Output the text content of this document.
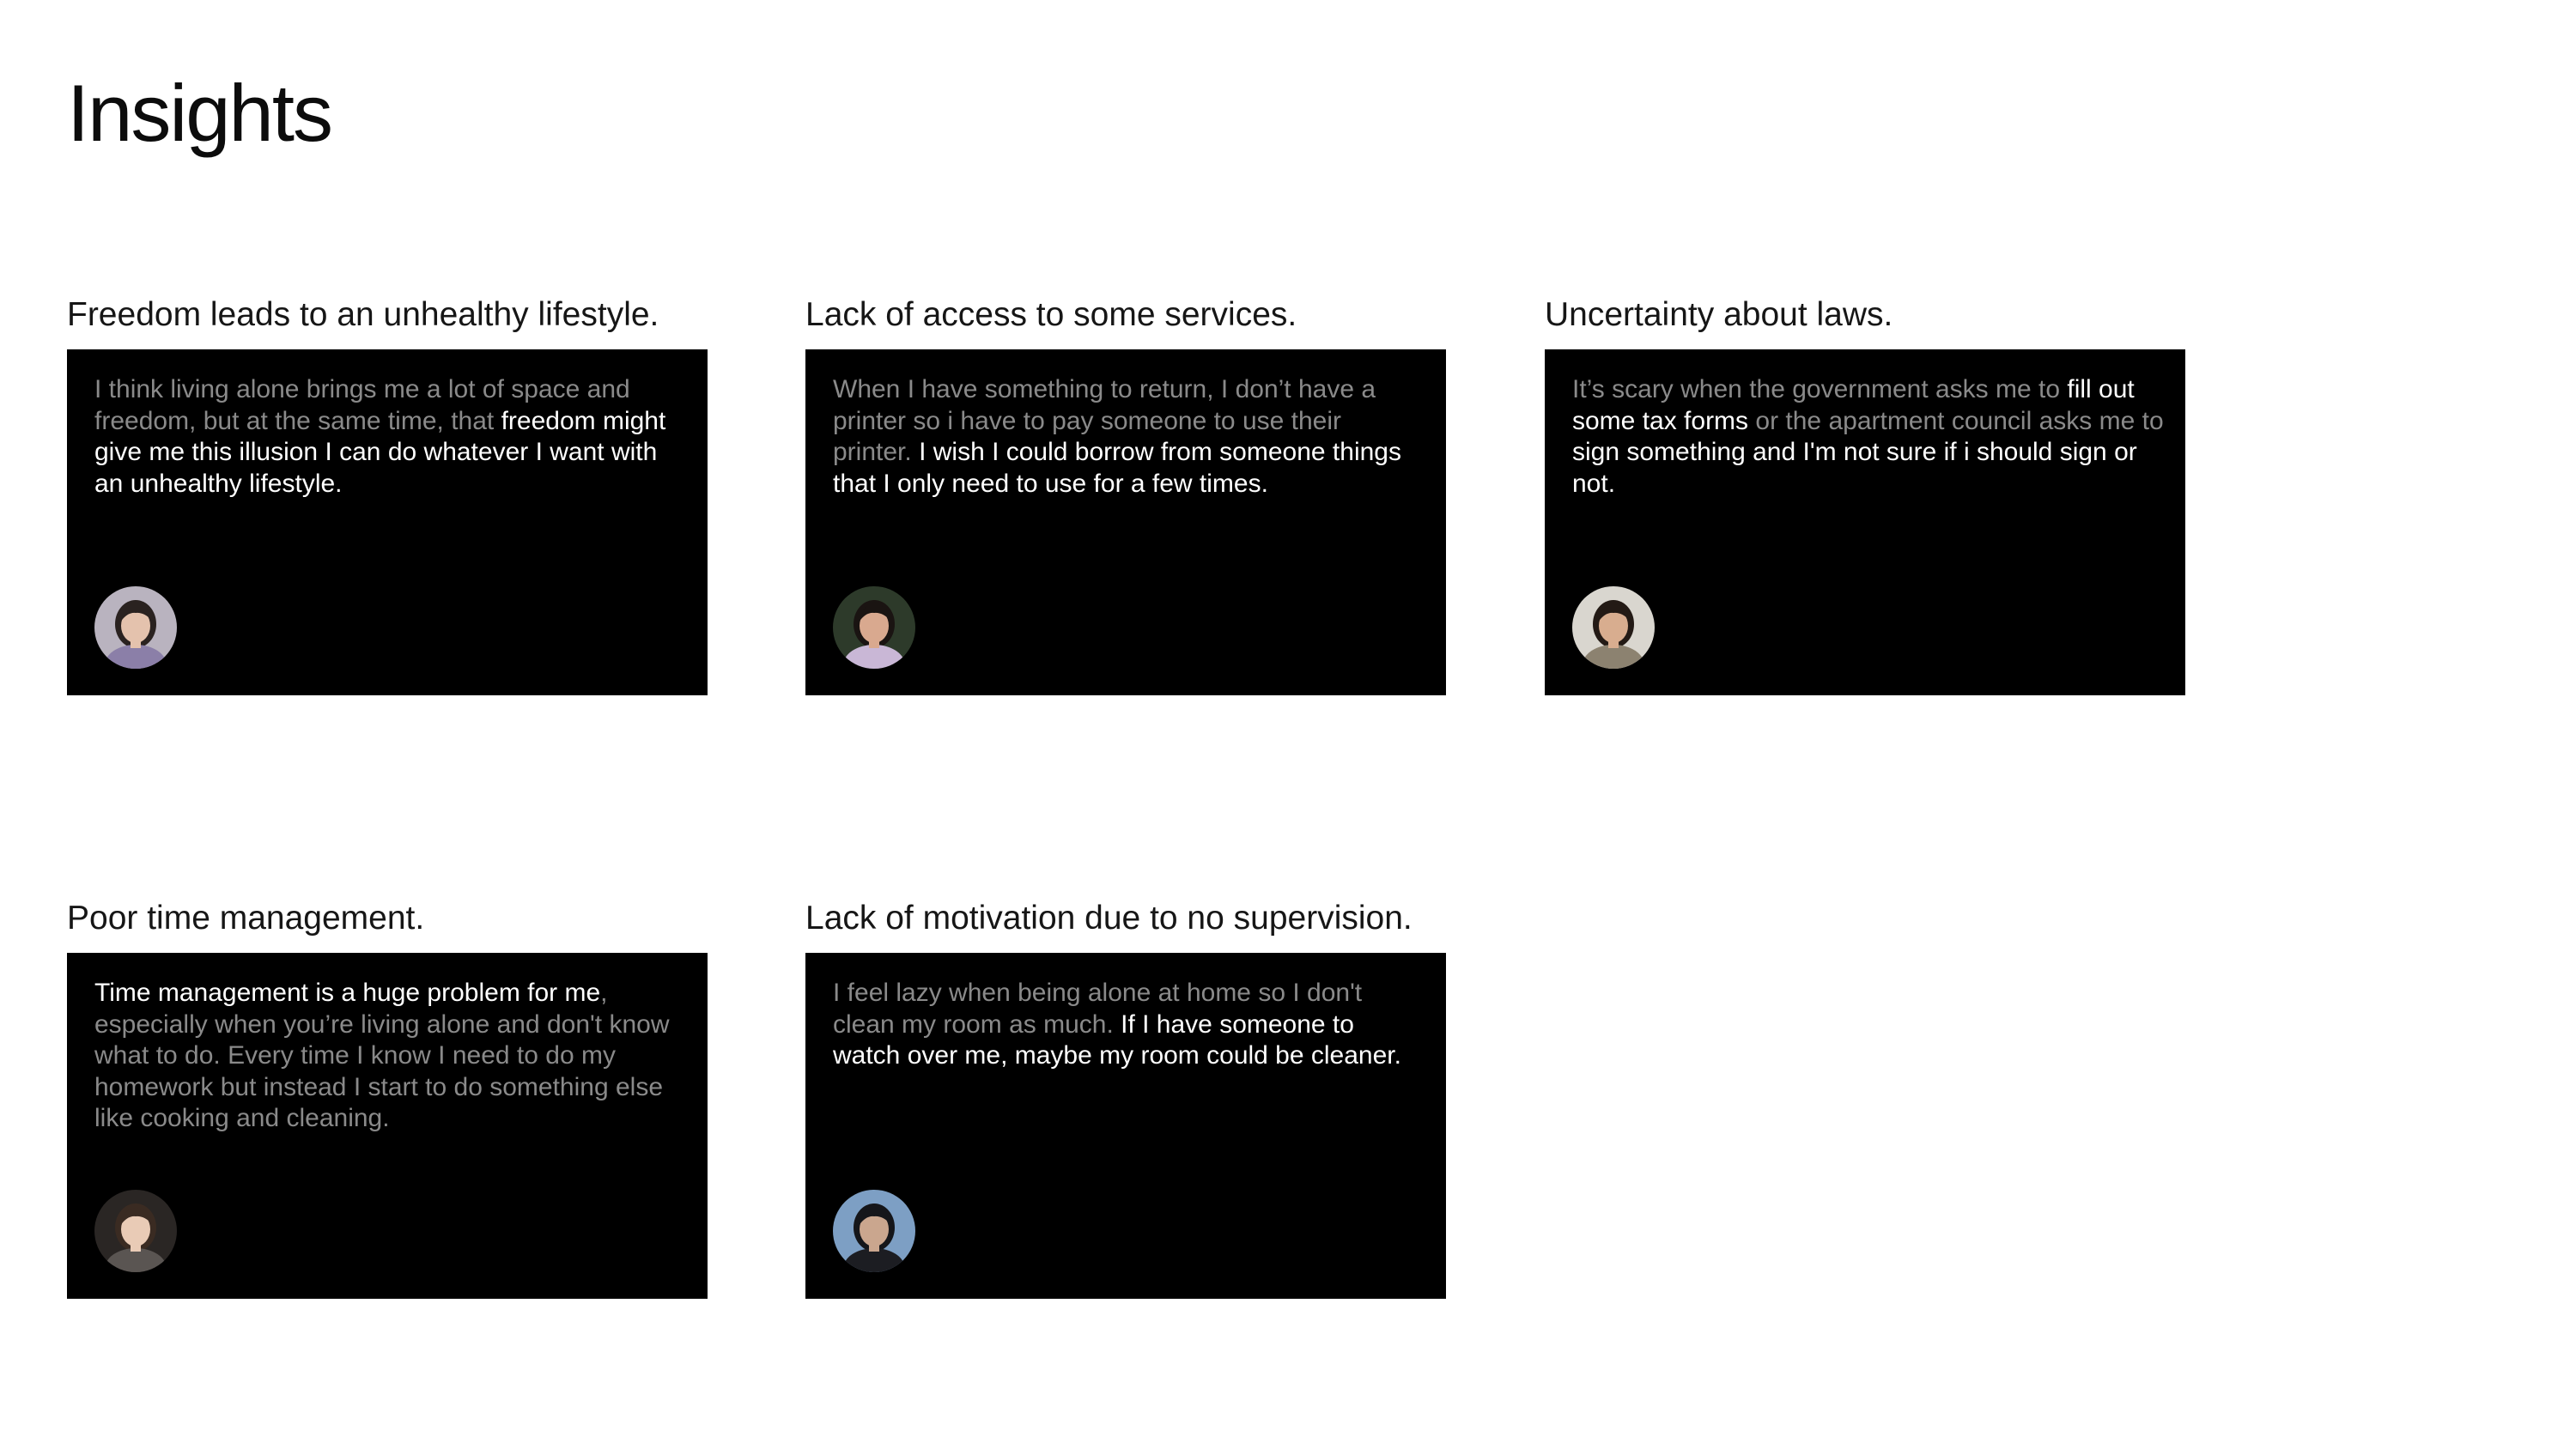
Insights
Freedom leads to an unhealthy lifestyle.

I think living alone brings me a lot of space and freedom, but at the same time, that freedom might give me this illusion I can do whatever I want with an unhealthy lifestyle.

Lack of access to some services.

When I have something to return, I don’t have a printer so i have to pay someone to use their printer. I wish I could borrow from someone things that I only need to use for a few times.

Uncertainty about laws.

It’s scary when the government asks me to fill out some tax forms or the apartment council asks me to sign something and I'm not sure if i should sign or not.

Poor time management.

Time management is a huge problem for me, especially when you’re living alone and don't know what to do. Every time I know I need to do my homework but instead I start to do something else like cooking and cleaning.

Lack of motivation due to no supervision.

I feel lazy when being alone at home so I don't clean my room as much. If I have someone to watch over me, maybe my room could be cleaner.
